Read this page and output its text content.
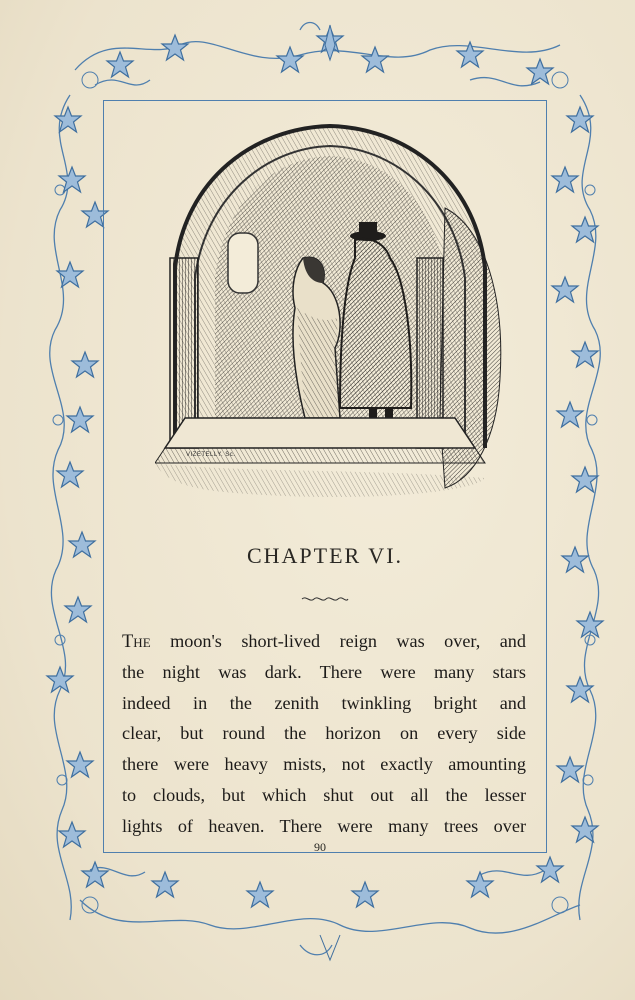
VIZETELLY. Sc.
CHAPTER VI.
The moon's short-lived reign was over, and
the night was dark. There were many stars
indeed in the zenith twinkling bright and
clear, but round the horizon on every side
there were heavy mists, not exactly amounting
to clouds, but which shut out all the lesser
lights of heaven. There were many trees over
90
